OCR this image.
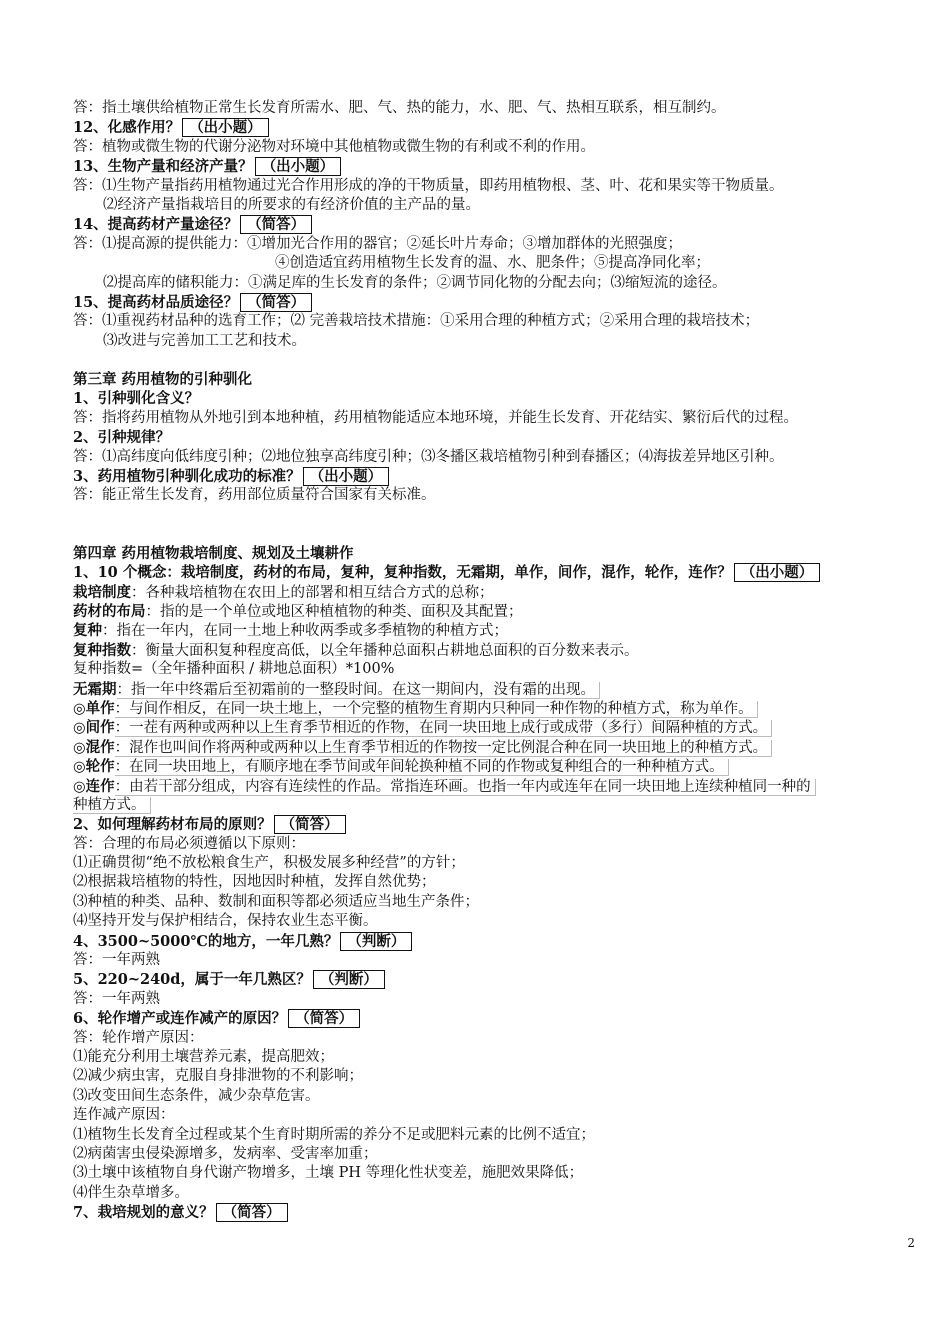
答：指土壤供给植物正常生长发育所需水、肥、气、热的能力，水、肥、气、热相互联系，相互制约。
12、化感作用？ （出小题）
答：植物或微生物的代谢分泌物对环境中其他植物或微生物的有利或不利的作用。
13、生物产量和经济产量？ （出小题）
答：⑴生物产量指药用植物通过光合作用形成的净的干物质量，即药用植物根、茎、叶、花和果实等干物质量。
⑵经济产量指栽培目的所要求的有经济价值的主产品的量。
14、提高药材产量途径？ （简答）
答：⑴提高源的提供能力：①增加光合作用的器官；②延长叶片寿命；③增加群体的光照强度；
④创造适宜药用植物生长发育的温、水、肥条件；⑤提高净同化率；
⑵提高库的储积能力：①满足库的生长发育的条件；②调节同化物的分配去向；⑶缩短流的途径。
15、提高药材品质途径？ （简答）
答：⑴重视药材品种的选育工作；⑵ 完善栽培技术措施：①采用合理的种植方式；②采用合理的栽培技术；
⑶改进与完善加工工艺和技术。
第三章 药用植物的引种驯化
1、引种驯化含义？
答：指将药用植物从外地引到本地种植，药用植物能适应本地环境，并能生长发育、开花结实、繁衍后代的过程。
2、引种规律？
答：⑴高纬度向低纬度引种；⑵地位独享高纬度引种；⑶冬播区栽培植物引种到春播区；⑷海拔差异地区引种。
3、药用植物引种驯化成功的标准？ （出小题）
答：能正常生长发育，药用部位质量符合国家有关标准。
第四章 药用植物栽培制度、规划及土壤耕作
1、10 个概念：栽培制度，药材的布局，复种，复种指数，无霜期，单作，间作，混作，轮作，连作？ （出小题）
栽培制度：各种栽培植物在农田上的部署和相互结合方式的总称；
药材的布局：指的是一个单位或地区种植植物的种类、面积及其配置；
复种：指在一年内，在同一土地上种收两季或多季植物的种植方式；
复种指数：衡量大面积复种程度高低，以全年播种总面积占耕地总面积的百分数来表示。
复种指数=（全年播种面积 / 耕地总面积）*100%
无霜期：指一年中终霜后至初霜前的一整段时间。在这一期间内，没有霜的出现。
◎单作：与间作相反，在同一块土地上，一个完整的植物生育期内只种同一种作物的种植方式，称为单作。
◎间作：一茬有两种或两种以上生育季节相近的作物，在同一块田地上成行或成带（多行）间隔种植的方式。
◎混作：混作也叫间作将两种或两种以上生育季节相近的作物按一定比例混合种在同一块田地上的种植方式。
◎轮作：在同一块田地上，有顺序地在季节间或年间轮换种植不同的作物或复种组合的一种种植方式。
◎连作：由若干部分组成，内容有连续性的作品。常指连环画。也指一年内或连年在同一块田地上连续种植同一种的
种植方式。
2、如何理解药材布局的原则？ （简答）
答：合理的布局必须遵循以下原则：
⑴正确贯彻“绝不放松粮食生产，积极发展多种经营”的方针；
⑵根据栽培植物的特性，因地因时种植，发挥自然优势；
⑶种植的种类、品种、数制和面积等都必须适应当地生产条件；
⑷坚持开发与保护相结合，保持农业生态平衡。
4、3500~5000℃的地方，一年几熟？ （判断）
答：一年两熟
5、220~240d，属于一年几熟区？ （判断）
答：一年两熟
6、轮作增产或连作减产的原因？ （简答）
答：轮作增产原因：
⑴能充分利用土壤营养元素，提高肥效；
⑵减少病虫害，克服自身排泄物的不利影响；
⑶改变田间生态条件，减少杂草危害。
连作减产原因：
⑴植物生长发育全过程或某个生育时期所需的养分不足或肥料元素的比例不适宜；
⑵病菌害虫侵染源增多，发病率、受害率加重；
⑶土壤中该植物自身代谢产物增多，土壤 PH 等理化性状变差，施肥效果降低；
⑷伴生杂草增多。
7、栽培规划的意义？ （简答）
2
